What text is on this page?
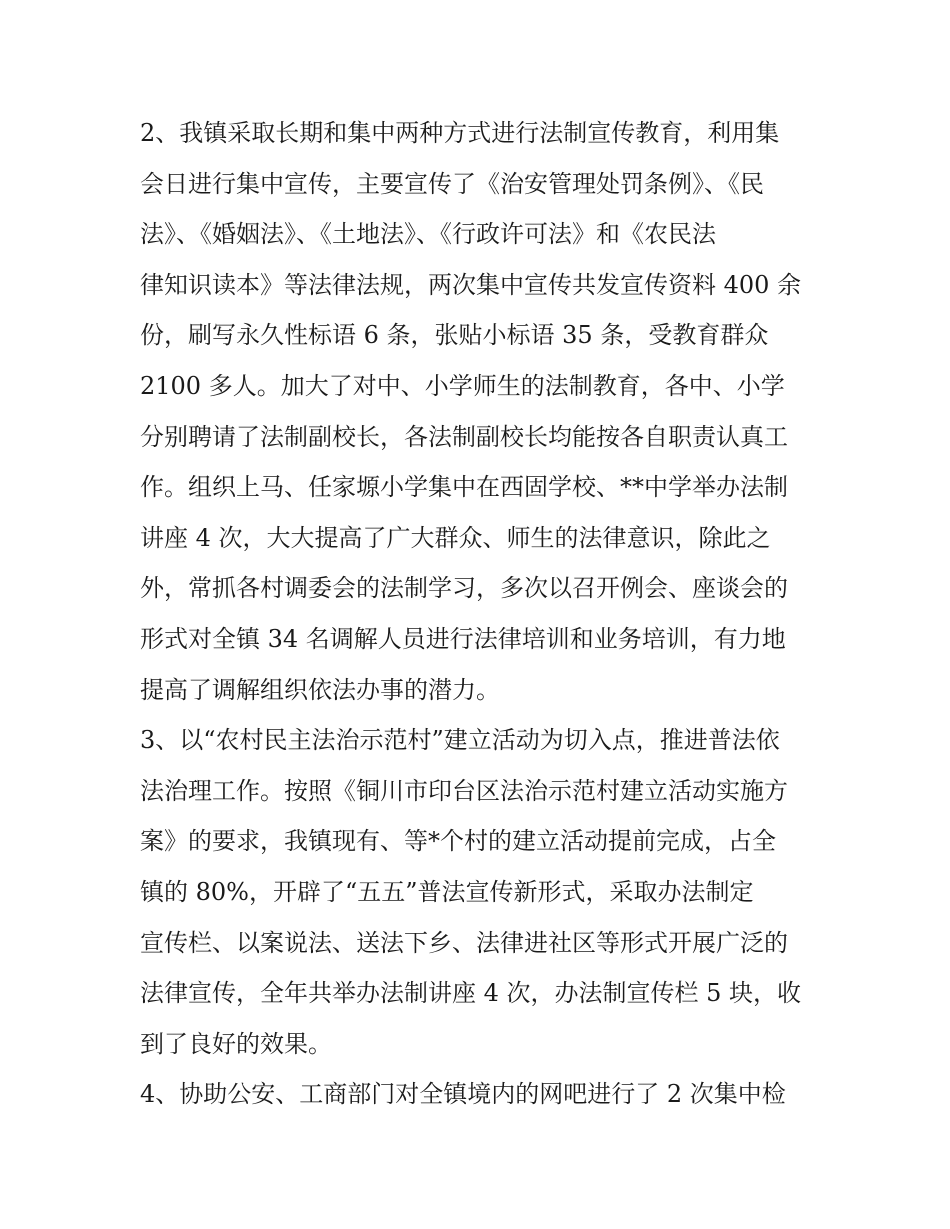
2、我镇采取长期和集中两种方式进行法制宣传教育，利用集
会日进行集中宣传，主要宣传了《治安管理处罚条例》、《民
法》、《婚姻法》、《土地法》、《行政许可法》和《农民法
律知识读本》等法律法规，两次集中宣传共发宣传资料 400 余
份，刷写永久性标语 6 条，张贴小标语 35 条，受教育群众
2100 多人。加大了对中、小学师生的法制教育，各中、小学
分别聘请了法制副校长，各法制副校长均能按各自职责认真工
作。组织上马、任家塬小学集中在西固学校、**中学举办法制
讲座 4 次，大大提高了广大群众、师生的法律意识，除此之
外，常抓各村调委会的法制学习，多次以召开例会、座谈会的
形式对全镇 34 名调解人员进行法律培训和业务培训，有力地
提高了调解组织依法办事的潜力。
3、以“农村民主法治示范村”建立活动为切入点，推进普法依
法治理工作。按照《铜川市印台区法治示范村建立活动实施方
案》的要求，我镇现有、等*个村的建立活动提前完成，占全
镇的 80%，开辟了“五五”普法宣传新形式，采取办法制定
宣传栏、以案说法、送法下乡、法律进社区等形式开展广泛的
法律宣传，全年共举办法制讲座 4 次，办法制宣传栏 5 块，收
到了良好的效果。
4、协助公安、工商部门对全镇境内的网吧进行了 2 次集中检
